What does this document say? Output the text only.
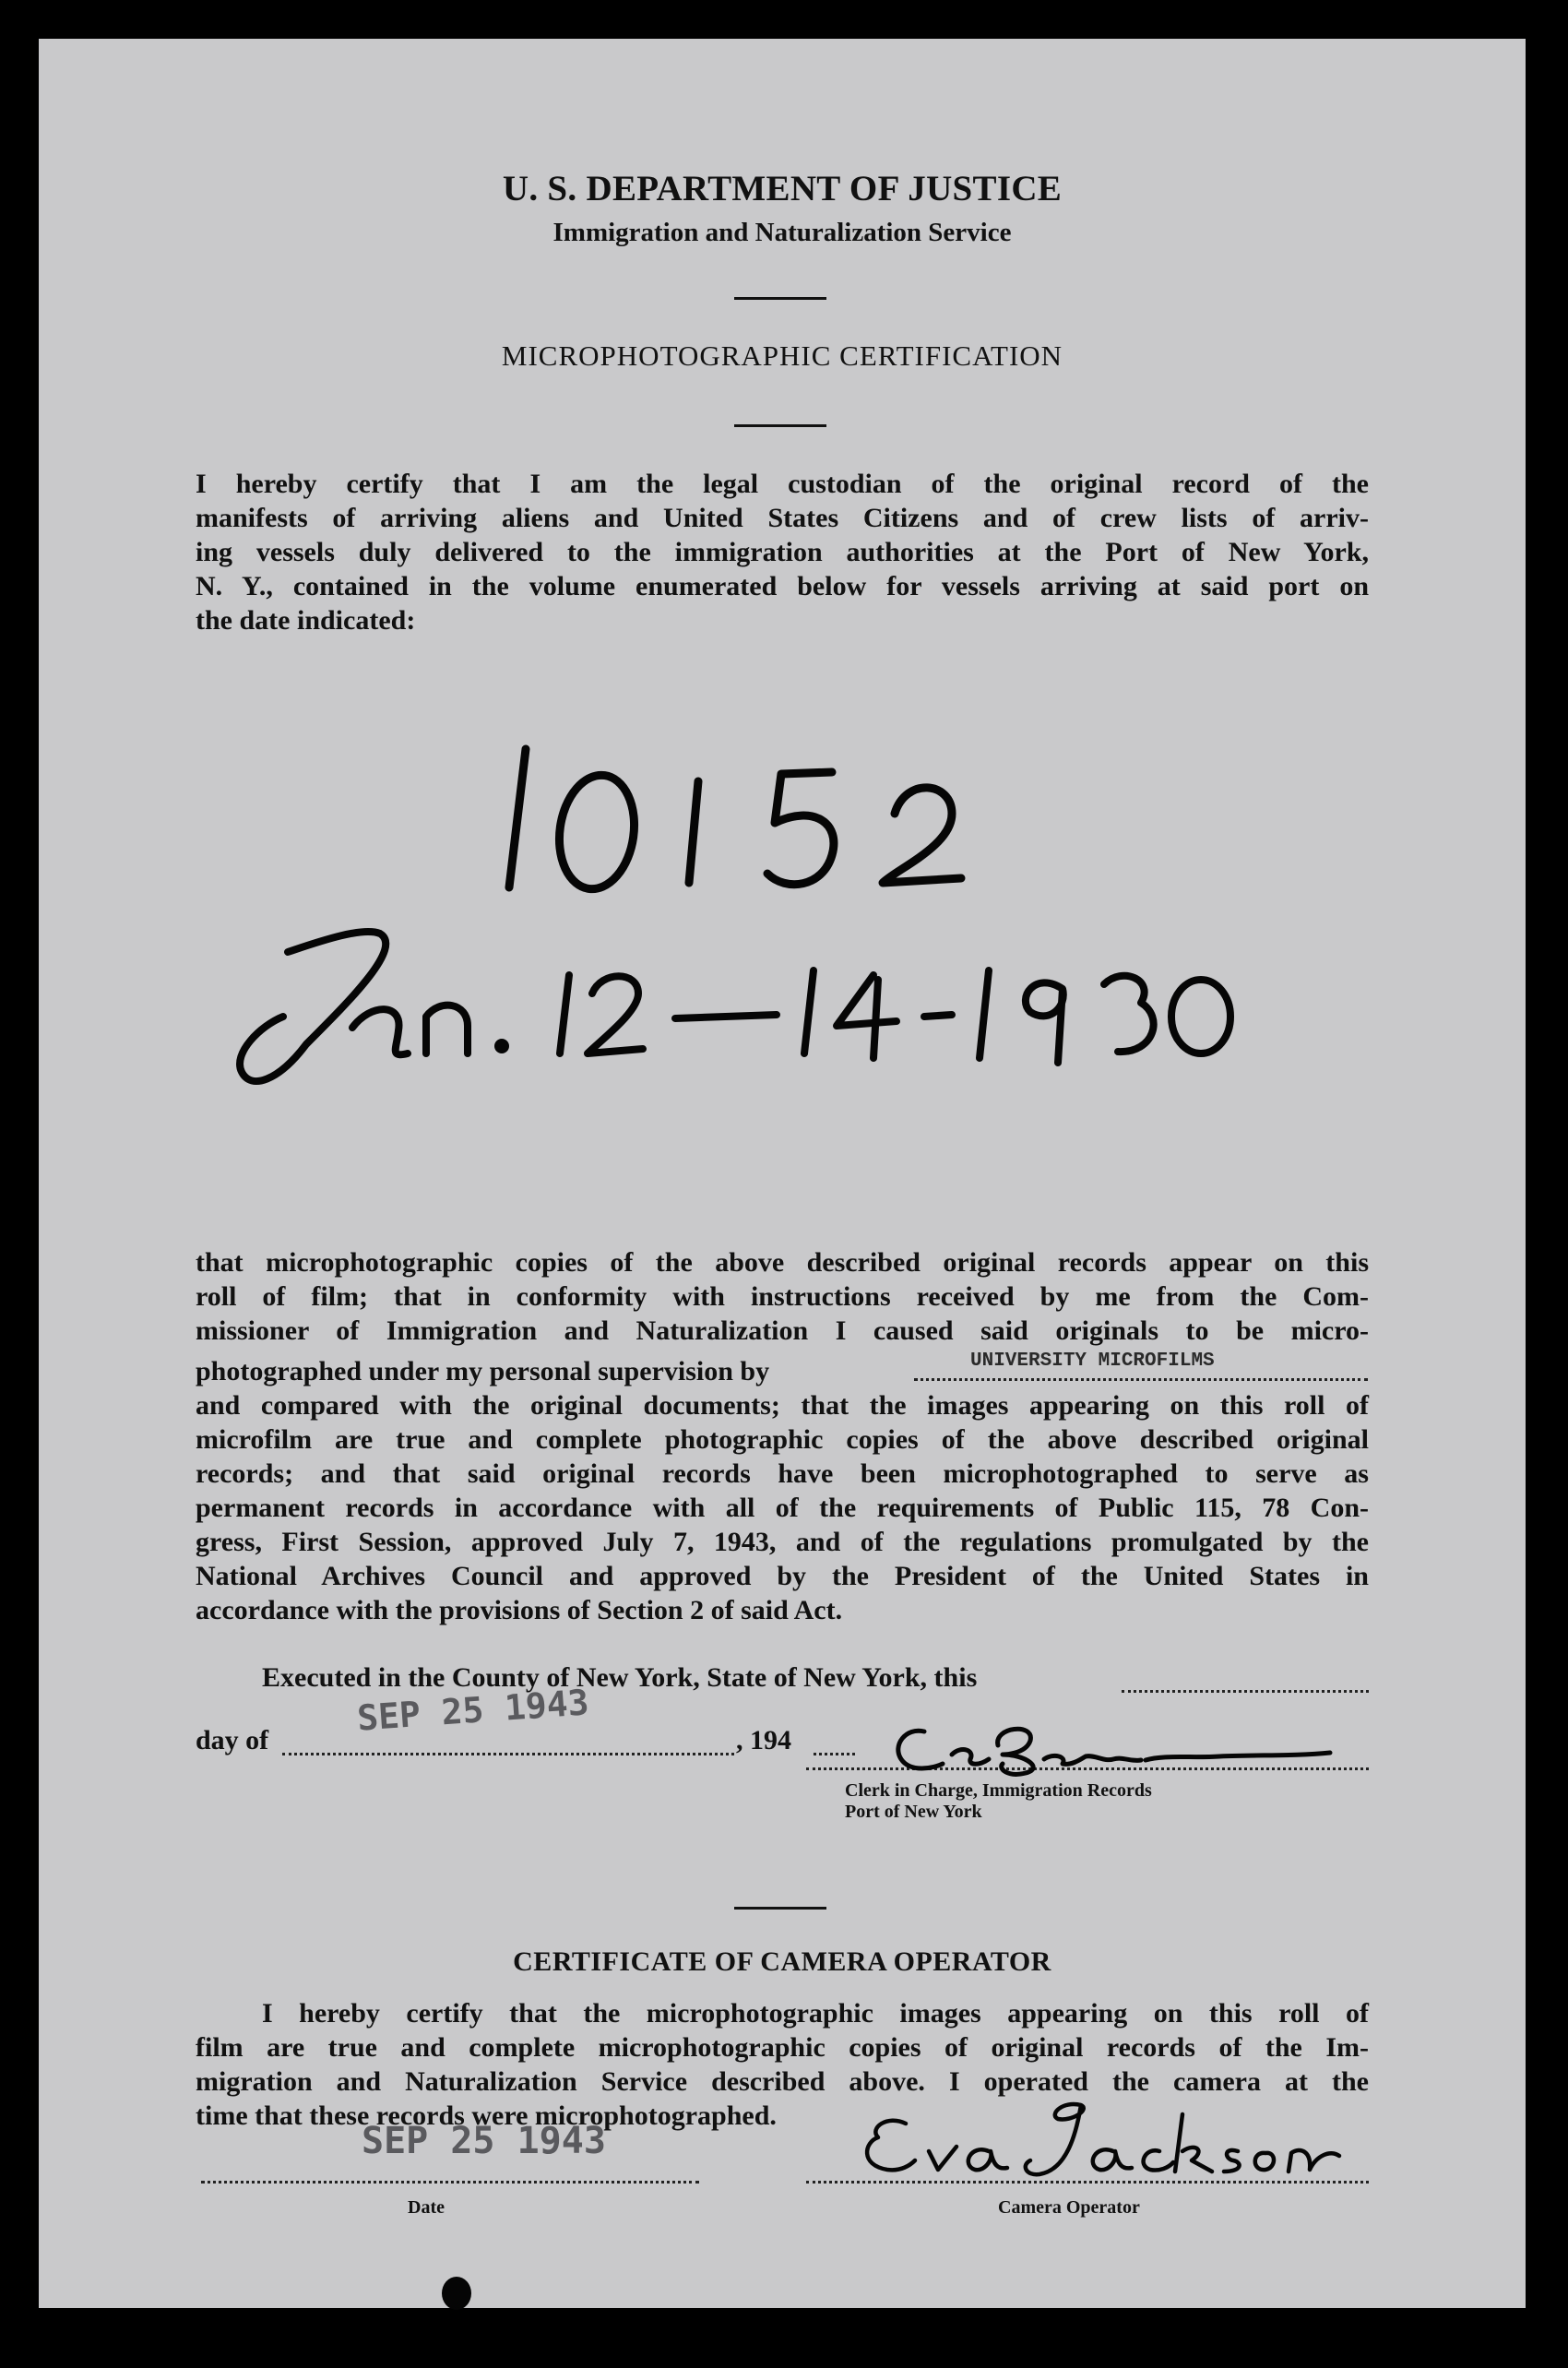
U. S. DEPARTMENT OF JUSTICE
Immigration and Naturalization Service
MICROPHOTOGRAPHIC CERTIFICATION
I hereby certify that I am the legal custodian of the original record of the
manifests of arriving aliens and United States Citizens and of crew lists of arriv-
ing vessels duly delivered to the immigration authorities at the Port of New York,
N. Y., contained in the volume enumerated below for vessels arriving at said port on
the date indicated:
that microphotographic copies of the above described original records appear on this
roll of film; that in conformity with instructions received by me from the Com-
missioner of Immigration and Naturalization I caused said originals to be micro-
photographed under my personal supervision by	UNIVERSITY MICROFILMS
and compared with the original documents; that the images appearing on this roll of
microfilm are true and complete photographic copies of the above described original
records; and that said original records have been microphotographed to serve as
permanent records in accordance with all of the requirements of Public 115, 78 Con-
gress, First Session, approved July 7, 1943, and of the regulations promulgated by the
National Archives Council and approved by the President of the United States in
accordance with the provisions of Section 2 of said Act.
Executed in the County of New York, State of New York, this
SEP 25 1943
day of	, 194
Clerk in Charge, Immigration Records
Port of New York
CERTIFICATE OF CAMERA OPERATOR
I hereby certify that the microphotographic images appearing on this roll of
film are true and complete microphotographic copies of original records of the Im-
migration and Naturalization Service described above. I operated the camera at the
time that these records were microphotographed.
SEP 25 1943
Date	Camera Operator
